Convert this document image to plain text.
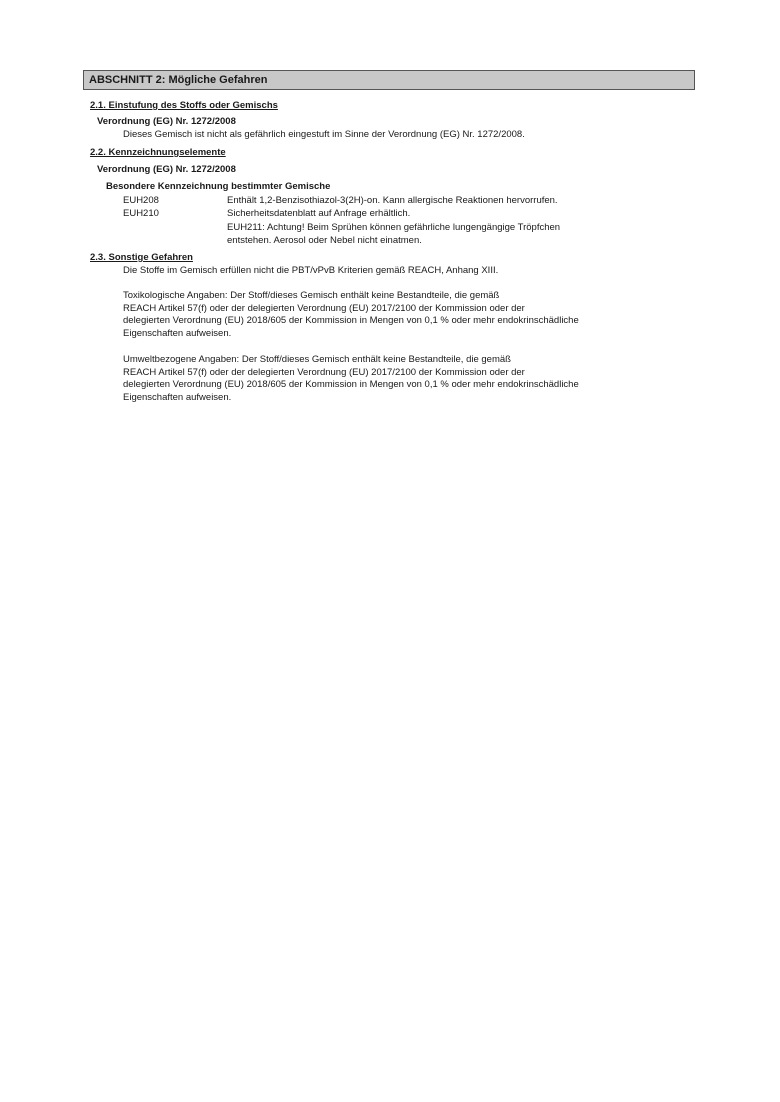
ABSCHNITT 2: Mögliche Gefahren
2.1. Einstufung des Stoffs oder Gemischs
Verordnung (EG) Nr. 1272/2008
Dieses Gemisch ist nicht als gefährlich eingestuft im Sinne der Verordnung (EG) Nr. 1272/2008.
2.2. Kennzeichnungselemente
Verordnung (EG) Nr. 1272/2008
Besondere Kennzeichnung bestimmter Gemische
EUH208	Enthält 1,2-Benzisothiazol-3(2H)-on. Kann allergische Reaktionen hervorrufen.
EUH210	Sicherheitsdatenblatt auf Anfrage erhältlich.
EUH211: Achtung! Beim Sprühen können gefährliche lungengängige Tröpfchen
entstehen. Aerosol oder Nebel nicht einatmen.
2.3. Sonstige Gefahren
Die Stoffe im Gemisch erfüllen nicht die PBT/vPvB Kriterien gemäß REACH, Anhang XIII.
Toxikologische Angaben: Der Stoff/dieses Gemisch enthält keine Bestandteile, die gemäß
REACH Artikel 57(f) oder der delegierten Verordnung (EU) 2017/2100 der Kommission oder der
delegierten Verordnung (EU) 2018/605 der Kommission in Mengen von 0,1 % oder mehr endokrinschädliche
Eigenschaften aufweisen.
Umweltbezogene Angaben: Der Stoff/dieses Gemisch enthält keine Bestandteile, die gemäß
REACH Artikel 57(f) oder der delegierten Verordnung (EU) 2017/2100 der Kommission oder der
delegierten Verordnung (EU) 2018/605 der Kommission in Mengen von 0,1 % oder mehr endokrinschädliche
Eigenschaften aufweisen.
